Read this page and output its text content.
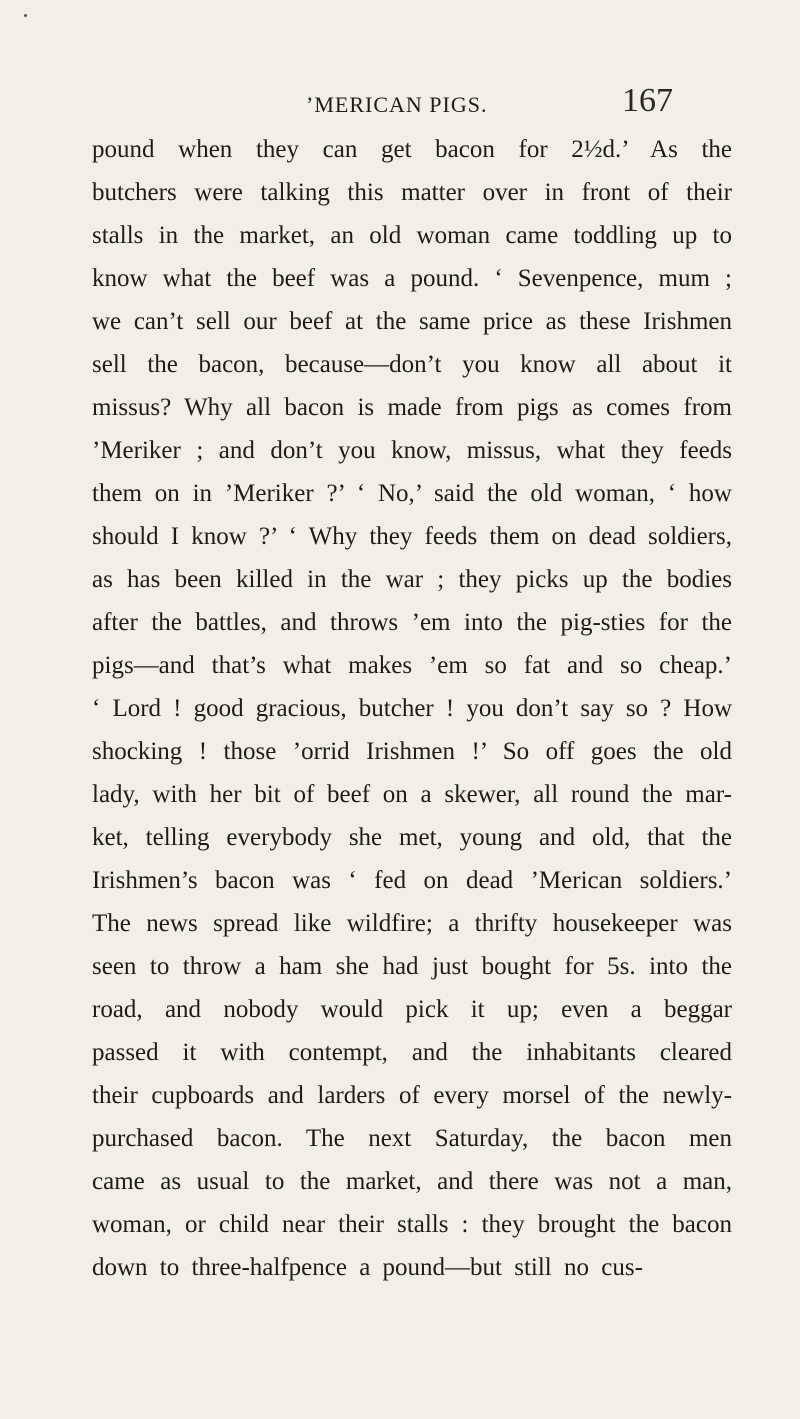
’MERICAN PIGS.	167
pound when they can get bacon for 2½d.’ As the
butchers were talking this matter over in front of their
stalls in the market, an old woman came toddling up to
know what the beef was a pound. ‘ Sevenpence, mum ;
we can’t sell our beef at the same price as these Irishmen
sell the bacon, because—don’t you know all about it
missus? Why all bacon is made from pigs as comes from
’Meriker ; and don’t you know, missus, what they feeds
them on in ’Meriker ?’ ‘ No,’ said the old woman, ‘ how
should I know ?’ ‘ Why they feeds them on dead soldiers,
as has been killed in the war ; they picks up the bodies
after the battles, and throws ’em into the pig-sties for the
pigs—and that’s what makes ’em so fat and so cheap.’
‘ Lord ! good gracious, butcher ! you don’t say so ? How
shocking ! those ’orrid Irishmen !’ So off goes the old
lady, with her bit of beef on a skewer, all round the mar-
ket, telling everybody she met, young and old, that the
Irishmen’s bacon was ‘ fed on dead ’Merican soldiers.’
The news spread like wildfire; a thrifty housekeeper was
seen to throw a ham she had just bought for 5s. into the
road, and nobody would pick it up; even a beggar
passed it with contempt, and the inhabitants cleared
their cupboards and larders of every morsel of the newly-
purchased bacon. The next Saturday, the bacon men
came as usual to the market, and there was not a man,
woman, or child near their stalls : they brought the bacon
down to three-halfpence a pound—but still no cus-
